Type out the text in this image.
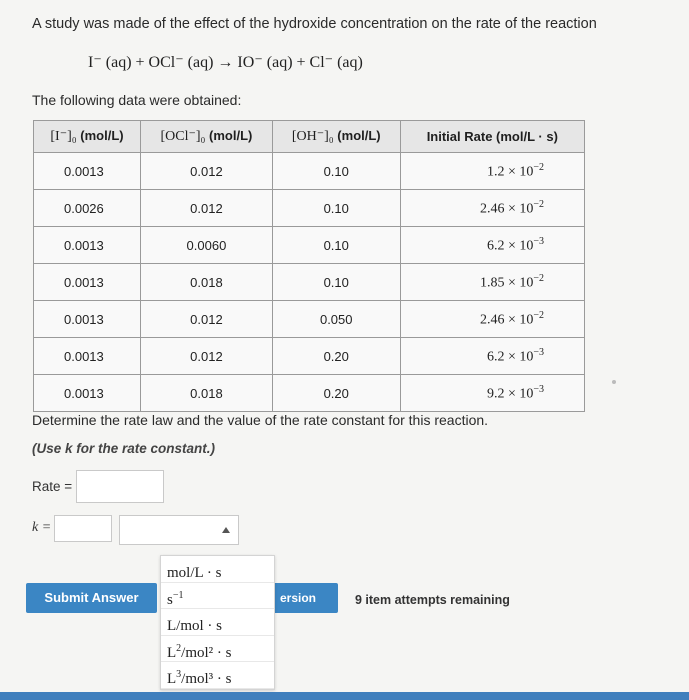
A study was made of the effect of the hydroxide concentration on the rate of the reaction
I⁻ (aq) + OCl⁻ (aq) → IO⁻ (aq) + Cl⁻ (aq)
The following data were obtained:
[I⁻]₀ (mol/L)	[OCl⁻]₀ (mol/L)	[OH⁻]₀ (mol/L)	Initial Rate (mol/L · s)
0.0013	0.012	0.10	$1.2 \times 10^{-2}$
0.0026	0.012	0.10	$2.46 \times 10^{-2}$
0.0013	0.0060	0.10	$6.2 \times 10^{-3}$
0.0013	0.018	0.10	$1.85 \times 10^{-2}$
0.0013	0.012	0.050	$2.46 \times 10^{-2}$
0.0013	0.012	0.20	$6.2 \times 10^{-3}$
0.0013	0.018	0.20	$9.2 \times 10^{-3}$
Determine the rate law and the value of the rate constant for this reaction.
(Use k for the rate constant.)
Rate =
k =
Submit Answer	ersion	9 item attempts remaining
mol/L · s
$s^{-1}$
L/mol · s
$L^2$/mol² · s
$L^3$/mol³ · s
